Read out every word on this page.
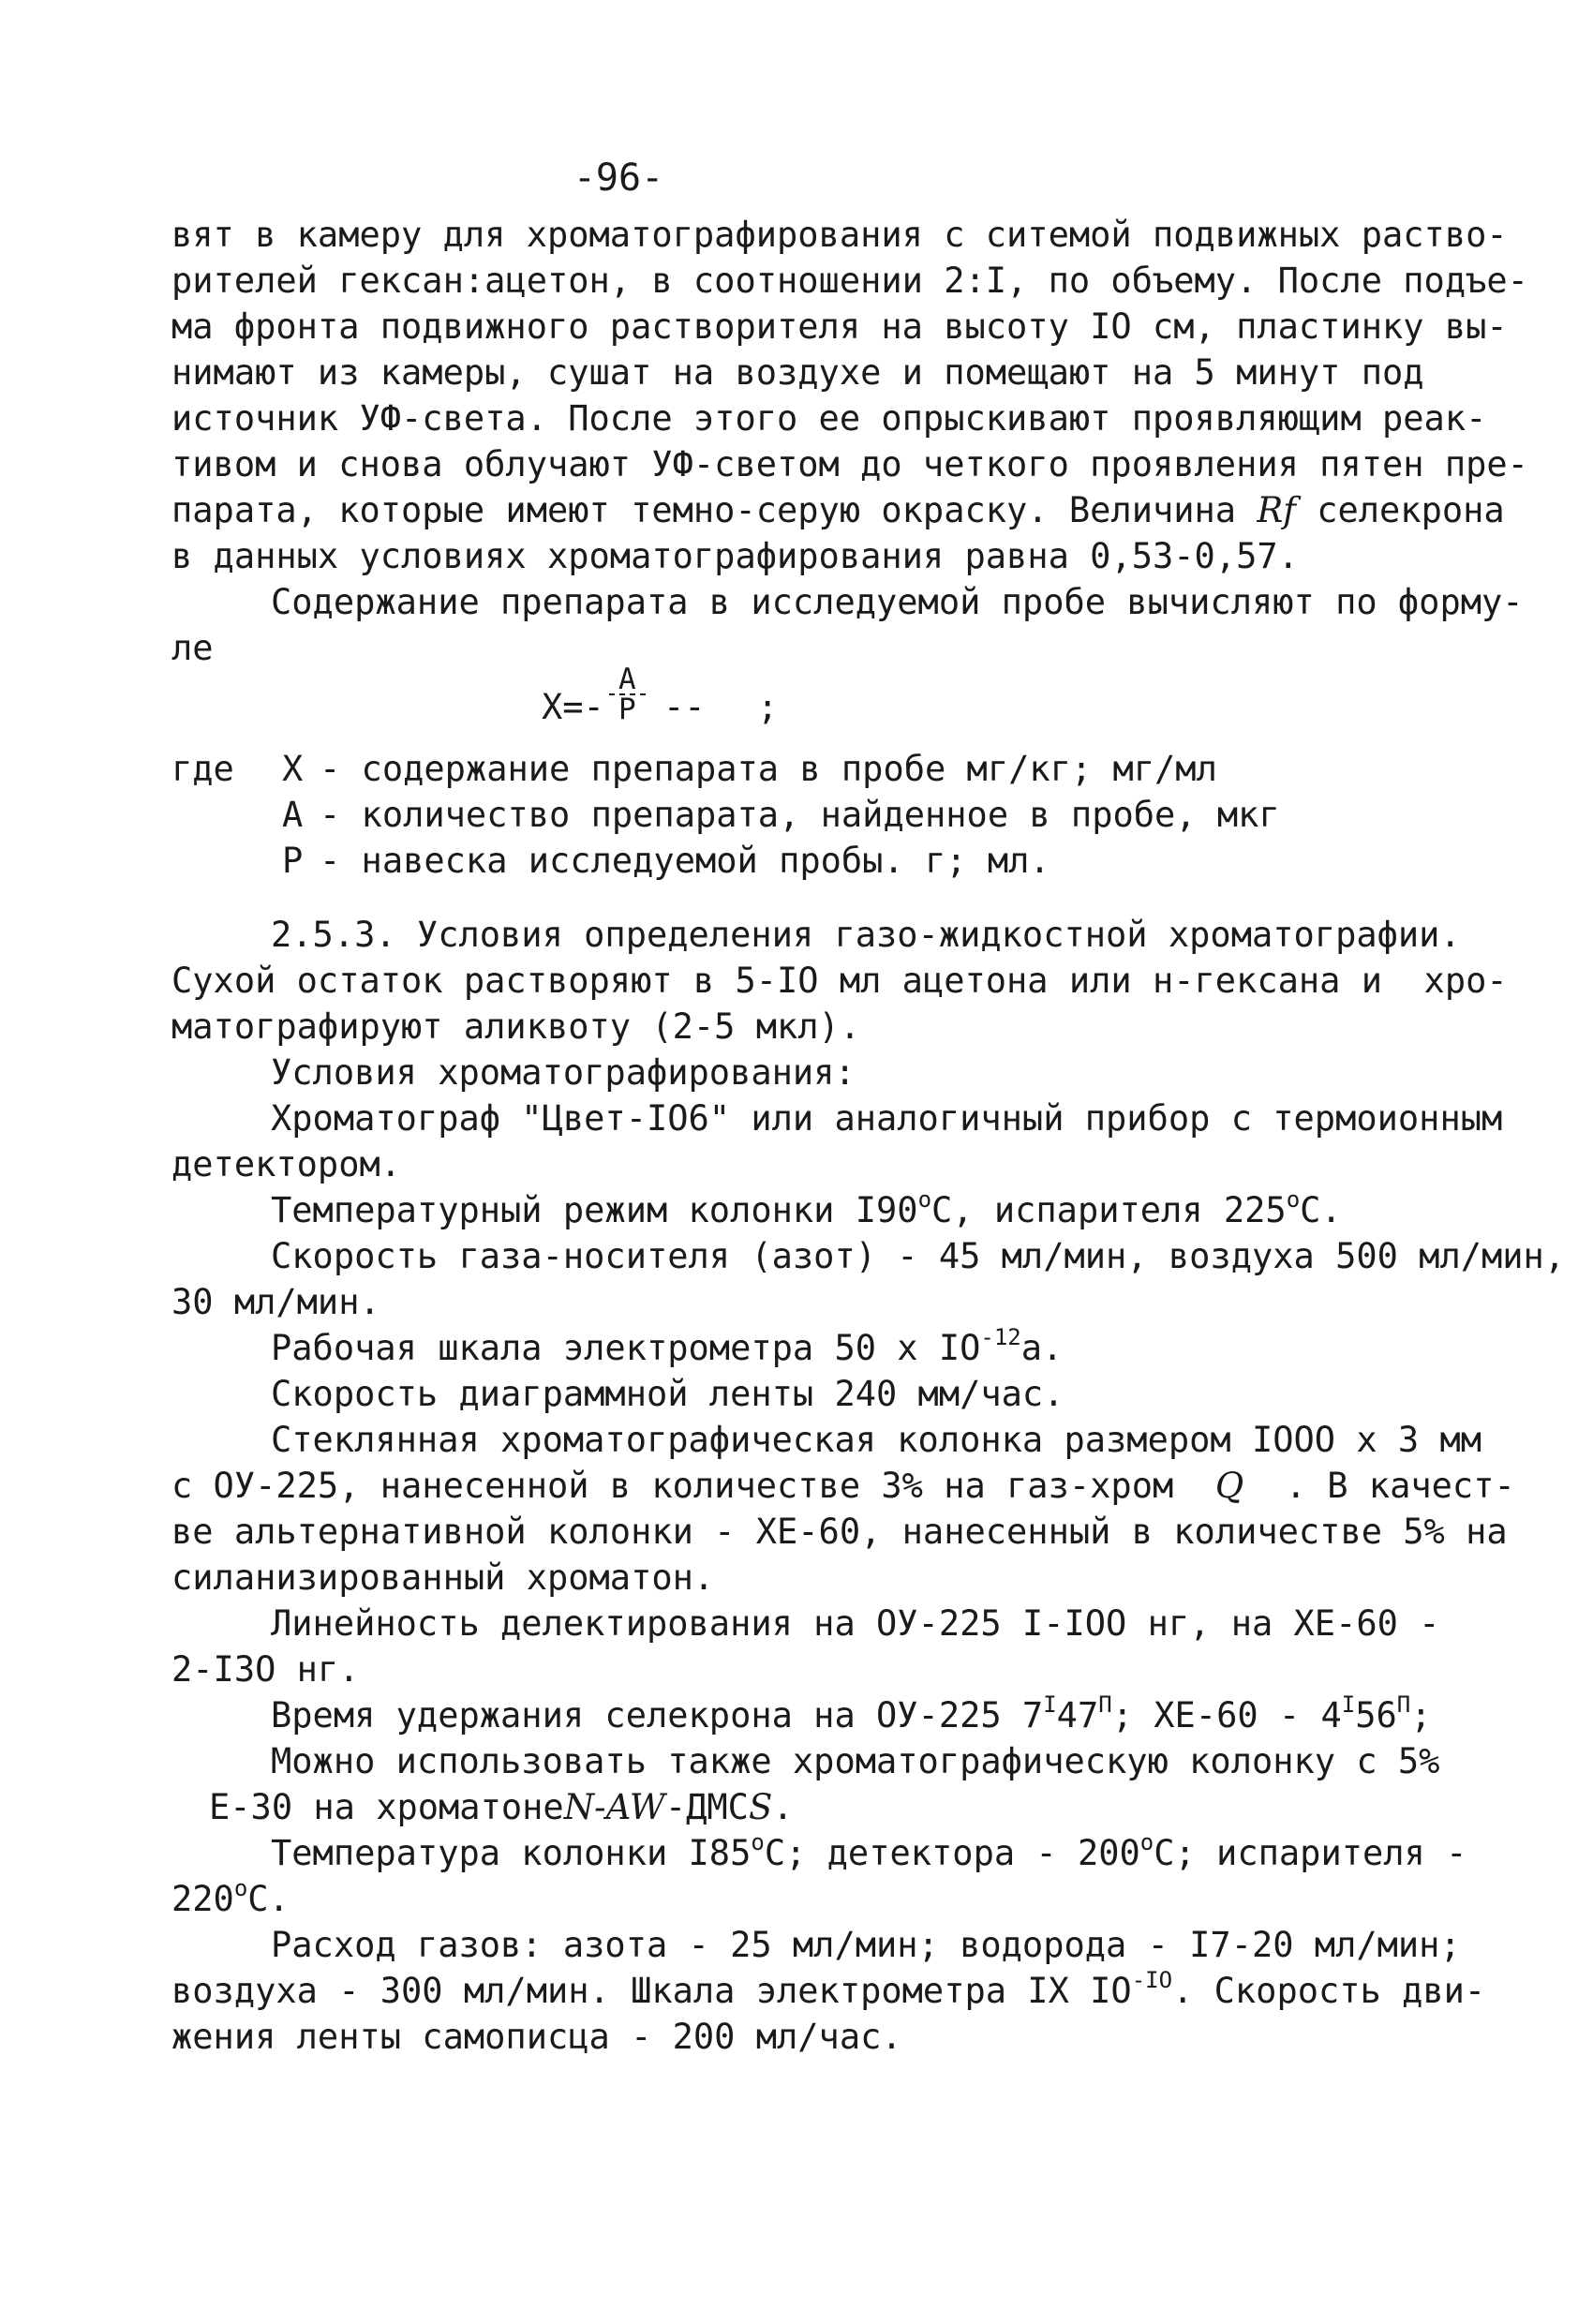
-96-
вят в камеру для хроматографирования с ситемой подвижных раство-
рителей гексан:ацетон, в соотношении 2:I, по объему. После подъе-
ма фронта подвижного растворителя на высоту IO см, пластинку вы-
нимают из камеры, сушат на воздухе и помещают на 5 минут под
источник УФ-света. После этого ее опрыскивают проявляющим реак-
тивом и снова облучают УФ-светом до четкого проявления пятен пре-
парата, которые имеют темно-серую окраску. Величина Rf селекрона
в данных условиях хроматографирования равна 0,53-0,57.
Содержание препарата в исследуемой пробе вычисляют по форму-
ле
Х=-
А
Р -- ;
где	Х - содержание препарата в пробе мг/кг; мг/мл
А - количество препарата, найденное в пробе, мкг
Р - навеска исследуемой пробы. г; мл.
2.5.3. Условия определения газо-жидкостной хроматографии.
Сухой остаток растворяют в 5-IO мл ацетона или н-гексана и  хро-
матографируют аликвоту (2-5 мкл).
Условия хроматографирования:
Хроматограф "Цвет-IО6" или аналогичный прибор с термоионным
детектором.
Температурный режим колонки $I90^оС$, испарителя $225^оС$.
Скорость газа-носителя (азот) - 45 мл/мин, воздуха 500 мл/мин,
30 мл/мин.
Рабочая шкала электрометра 50 х $IО^{-12}а$.
Скорость диаграммной ленты 240 мм/час.
Стеклянная хроматографическая колонка размером IООО х 3 мм
с ОУ-225, нанесенной в количестве 3% на газ-хром Q  . В качест-
ве альтернативной колонки - ХЕ-60, нанесенный в количестве 5% на
силанизированный хроматон.
Линейность делектирования на ОУ-225 I-IОО нг, на ХЕ-60 -
2-I3О нг.
Время удержания селекрона на ОУ-225 $7^I47^П$; $ХЕ-60 - 4^I56^П$;
Можно использовать также хроматографическую колонку с 5%
Е-30 на хроматонеN-AW-ДМСS.
Температура колонки $I85^оС$; детектора - $200^оС$; испарителя -
$220^оС$.
Расход газов: азота - 25 мл/мин; водорода - I7-20 мл/мин;
воздуха - 300 мл/мин. Шкала электрометра IХ $IО^{-IО}$. Скорость дви-
жения ленты самописца - 200 мл/час.
